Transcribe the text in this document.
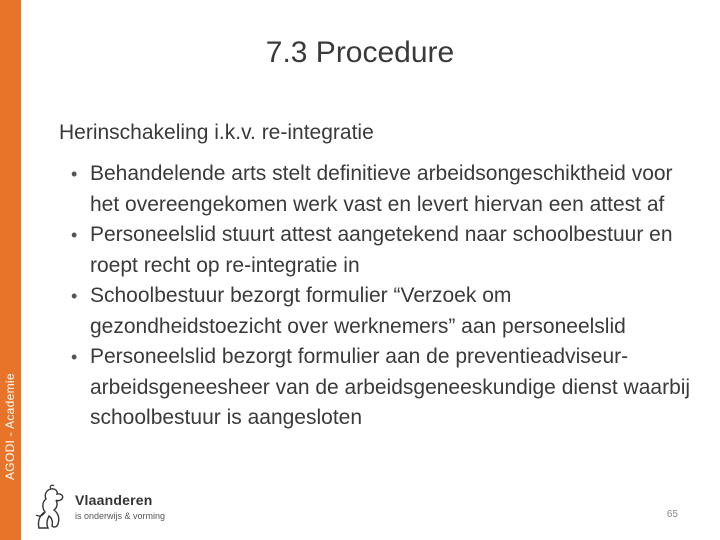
AGODI - Academie
7.3 Procedure
Herinschakeling i.k.v. re-integratie
• Behandelende arts stelt definitieve arbeidsongeschiktheid voor het overeengekomen werk vast en levert hiervan een attest af
• Personeelslid stuurt attest aangetekend naar schoolbestuur en roept recht op re-integratie in
• Schoolbestuur bezorgt formulier “Verzoek om gezondheidstoezicht over werknemers” aan personeelslid
• Personeelslid bezorgt formulier aan de preventieadviseur-arbeidsgeneesheer van de arbeidsgeneeskundige dienst waarbij schoolbestuur is aangesloten
Vlaanderen
is onderwijs & vorming	65
